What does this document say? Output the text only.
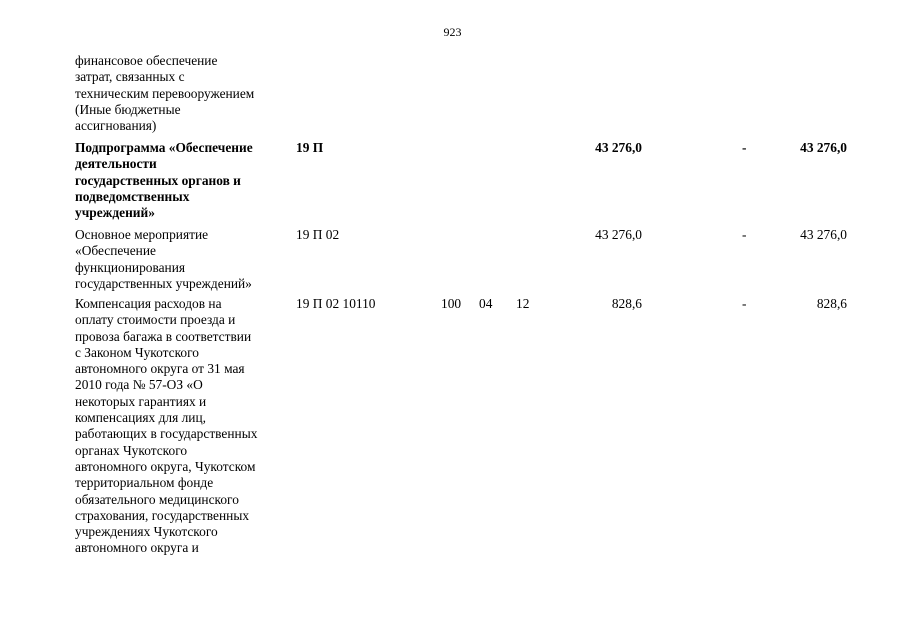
923
финансовое обеспечение
затрат, связанных с
техническим перевооружением
(Иные бюджетные
ассигнования)
Подпрограмма «Обеспечение
деятельности
государственных органов и
подведомственных
учреждений»
19 П	43 276,0	-	43 276,0
Основное мероприятие
«Обеспечение
функционирования
государственных учреждений»
19 П 02	43 276,0	-	43 276,0
Компенсация расходов на
оплату стоимости проезда и
провоза багажа в соответствии
с Законом Чукотского
автономного округа от 31 мая
2010 года № 57-ОЗ «О
некоторых гарантиях и
компенсациях для лиц,
работающих в государственных
органах Чукотского
автономного округа, Чукотском
территориальном фонде
обязательного медицинского
страхования, государственных
учреждениях Чукотского
автономного округа и
19 П 02 10110	100 04 12	828,6	-	828,6
